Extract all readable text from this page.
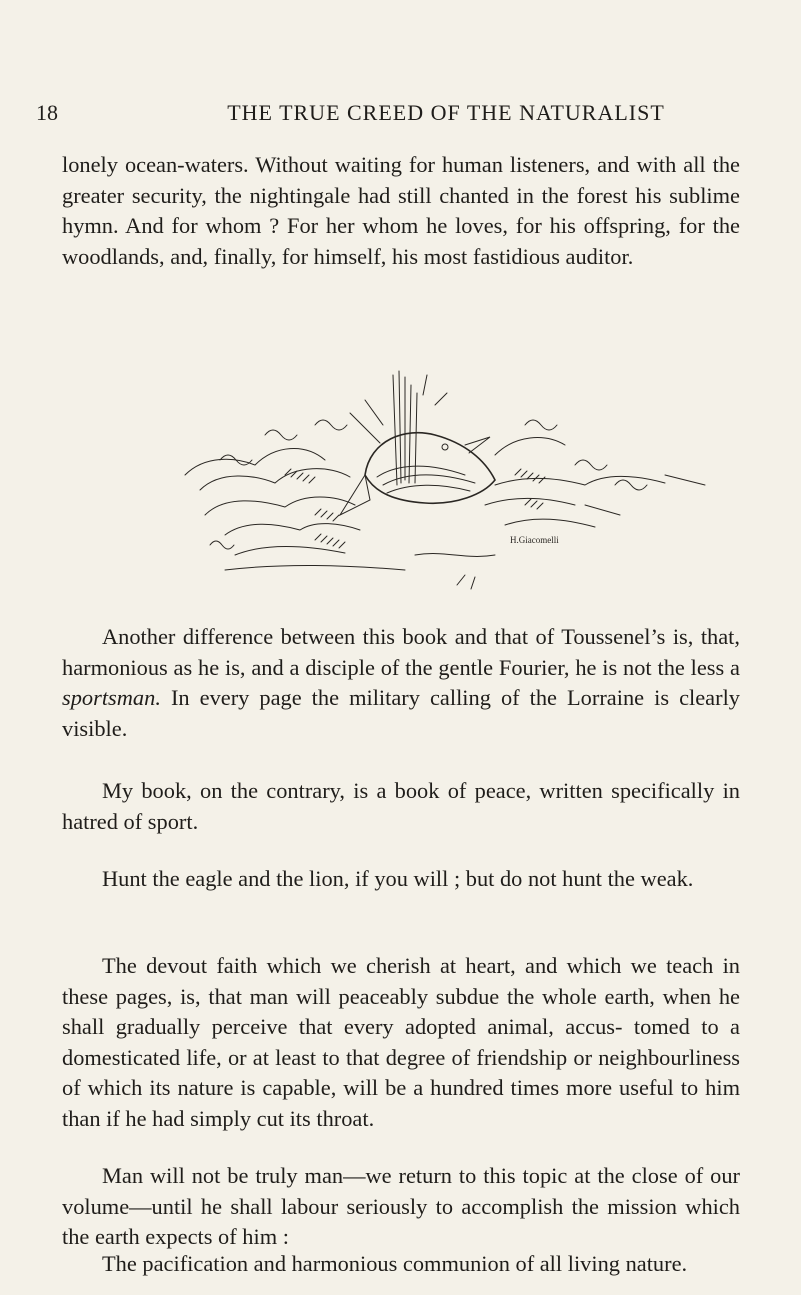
18	THE TRUE CREED OF THE NATURALIST

lonely ocean-waters. Without waiting for human listeners, and with all the greater security, the nightingale had still chanted in the forest his sublime hymn. And for whom ? For her whom he loves, for his offspring, for the woodlands, and, finally, for himself, his most fastidious auditor.

H.Giacomelli

Another difference between this book and that of Toussenel’s is, that, harmonious as he is, and a disciple of the gentle Fourier, he is not the less a sportsman. In every page the military calling of the Lorraine is clearly visible.

My book, on the contrary, is a book of peace, written specifically in hatred of sport.

Hunt the eagle and the lion, if you will ; but do not hunt the weak.

The devout faith which we cherish at heart, and which we teach in these pages, is, that man will peaceably subdue the whole earth, when he shall gradually perceive that every adopted animal, accus- tomed to a domesticated life, or at least to that degree of friendship or neighbourliness of which its nature is capable, will be a hundred times more useful to him than if he had simply cut its throat.

Man will not be truly man—we return to this topic at the close of our volume—until he shall labour seriously to accomplish the mission which the earth expects of him :

The pacification and harmonious communion of all living nature.
